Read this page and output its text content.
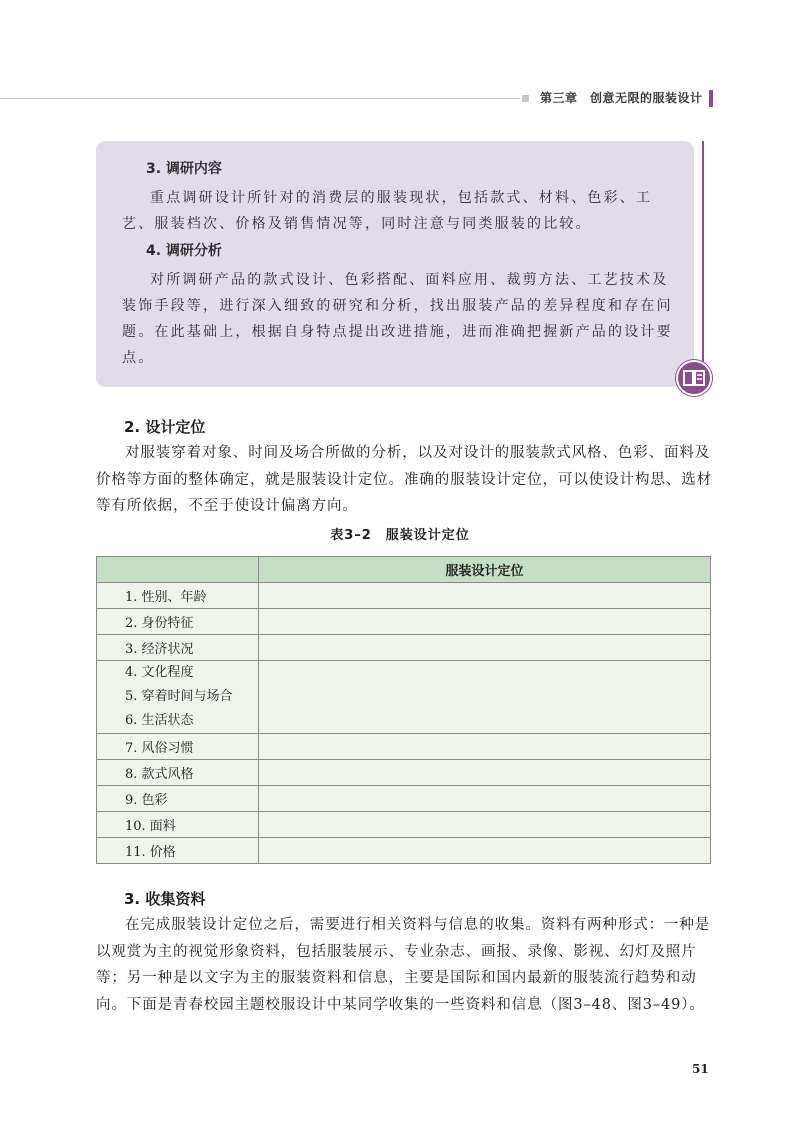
第三章　创意无限的服装设计
3. 调研内容

重点调研设计所针对的消费层的服装现状，包括款式、材料、色彩、工艺、服装档次、价格及销售情况等，同时注意与同类服装的比较。

4. 调研分析

对所调研产品的款式设计、色彩搭配、面料应用、裁剪方法、工艺技术及装饰手段等，进行深入细致的研究和分析，找出服装产品的差异程度和存在问题。在此基础上，根据自身特点提出改进措施，进而准确把握新产品的设计要点。

2. 设计定位

对服装穿着对象、时间及场合所做的分析，以及对设计的服装款式风格、色彩、面料及价格等方面的整体确定，就是服装设计定位。准确的服装设计定位，可以使设计构思、选材等有所依据，不至于使设计偏离方向。

表3–2　服装设计定位
	服装设计定位
1. 性别、年龄	
2. 身份特征	
3. 经济状况	

4. 文化程度
5. 穿着时间与场合
6. 生活状态	

7. 风俗习惯	
8. 款式风格	
9. 色彩	
10. 面料	
11. 价格	
3. 收集资料

在完成服装设计定位之后，需要进行相关资料与信息的收集。资料有两种形式：一种是以观赏为主的视觉形象资料，包括服装展示、专业杂志、画报、录像、影视、幻灯及照片等；另一种是以文字为主的服装资料和信息，主要是国际和国内最新的服装流行趋势和动向。下面是青春校园主题校服设计中某同学收集的一些资料和信息（图3–48、图3–49）。

51
